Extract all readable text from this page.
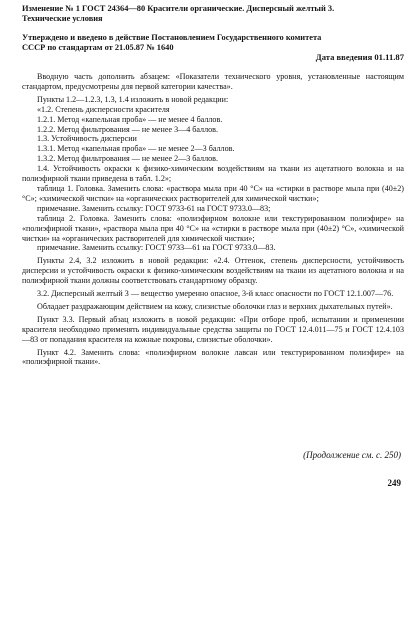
Изменение № 1 ГОСТ 24364—80 Красители органические. Дисперсный желтый 3.
Технические условия
Утверждено и введено в действие Постановлением Государственного комитета
СССР по стандартам от 21.05.87 № 1640
Дата введения 01.11.87

Вводную часть дополнить абзацем: «Показатели технического уровня, установленные настоящим стандартом, предусмотрены для первой категории качества».

Пункты 1.2—1.2.3, 1.3, 1.4 изложить в новой редакции:

«1.2. Степень дисперсности красителя

1.2.1. Метод «капельная проба» — не менее 4 баллов.

1.2.2. Метод фильтрования — не менее 3—4 баллов.

1.3. Устойчивость дисперсии

1.3.1. Метод «капельная проба» — не менее 2—3 баллов.

1.3.2. Метод фильтрования — не менее 2—3 баллов.

1.4. Устойчивость окраски к физико-химическим воздействиям на ткани из ацетатного волокна и на полиэфирной ткани приведена в табл. 1.2»;

таблица 1. Головка. Заменить слова: «раствора мыла при 40 °С» на «стирки в растворе мыла при (40±2) °С»; «химической чистки» на «органических растворителей для химической чистки»;

примечание. Заменить ссылку: ГОСТ 9733-61 на ГОСТ 9733.0—83;

таблица 2. Головка. Заменить слова: «полиэфирном волокне или текстурированном полиэфире» на «полиэфирной ткани», «раствора мыла при 40 °С» на «стирки в растворе мыла при (40±2) °С», «химической чистки» на «органических растворителей для химической чистки»;

примечание. Заменить ссылку: ГОСТ 9733—61 на ГОСТ 9733.0—83.

Пункты 2.4, 3.2 изложить в новой редакции: «2.4. Оттенок, степень дисперсности, устойчивость дисперсии и устойчивость окраски к физико-химическим воздействиям на ткани из ацетатного волокна и на полиэфирной ткани должны соответствовать стандартному образцу.

3.2. Дисперсный желтый 3 — вещество умеренно опасное, 3-й класс опасности по ГОСТ 12.1.007—76.

Обладает раздражающим действием на кожу, слизистые оболочки глаз и верхних дыхательных путей».

Пункт 3.3. Первый абзац изложить в новой редакции: «При отборе проб, испытании и применении красителя необходимо применять индивидуальные средства защиты по ГОСТ 12.4.011—75 и ГОСТ 12.4.103—83 от попадания красителя на кожные покровы, слизистые оболочки».

Пункт 4.2. Заменить слова: «полиэфирном волокне лавсан или текстурированном полиэфире» на «полиэфирной ткани».

(Продолжение см. с. 250)
249
